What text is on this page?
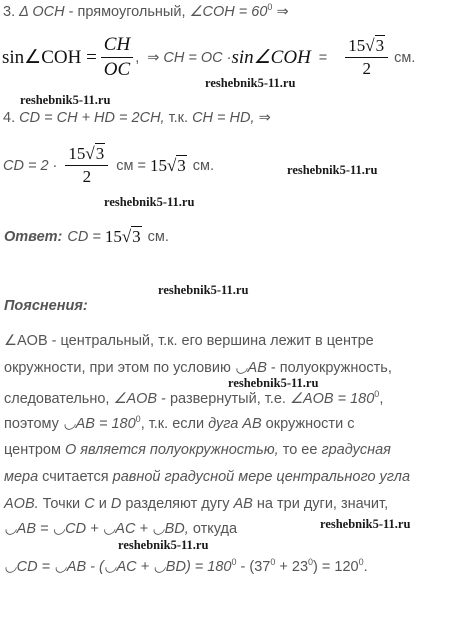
3. Δ OCH - прямоугольный, ∠COH = $60^0$ ⇒
sin∠COH = $\frac{CH}{OC}$ , ⇒ CH = OC · sin∠COH = $\frac{15√3}{2}$ см.
reshebnik5-11.ru
reshebnik5-11.ru
4. CD = CH + HD = 2CH, т.к. CH = HD, ⇒
CD = $2 \cdot \frac{15√3}{2}$ см = 15√3 см.	reshebnik5-11.ru
reshebnik5-11.ru
Ответ: CD = 15√3 см.
reshebnik5-11.ru
Пояснения:
∠AOB - центральный, т.к. его вершина лежит в центре
окружности, при этом по условию ◡AB - полуокружность,
reshebnik5-11.ru
следовательно, ∠AOB - развернутый, т.е. ∠AOB = $180^0$,
поэтому ◡AB = $180^0$, т.к. если дуга AB окружности с
центром O является полуокружностью, то ее градусная
мера считается равной градусной мере центрального угла
AOB. Точки C и D разделяют дугу AB на три дуги, значит,
reshebnik5-11.ru
◡AB = ◡CD + ◡AC + ◡BD, откуда
reshebnik5-11.ru
◡CD = ◡AB - (◡AC + ◡BD) = $180^0 - (37^0 + 23^0) = 120^0$.
